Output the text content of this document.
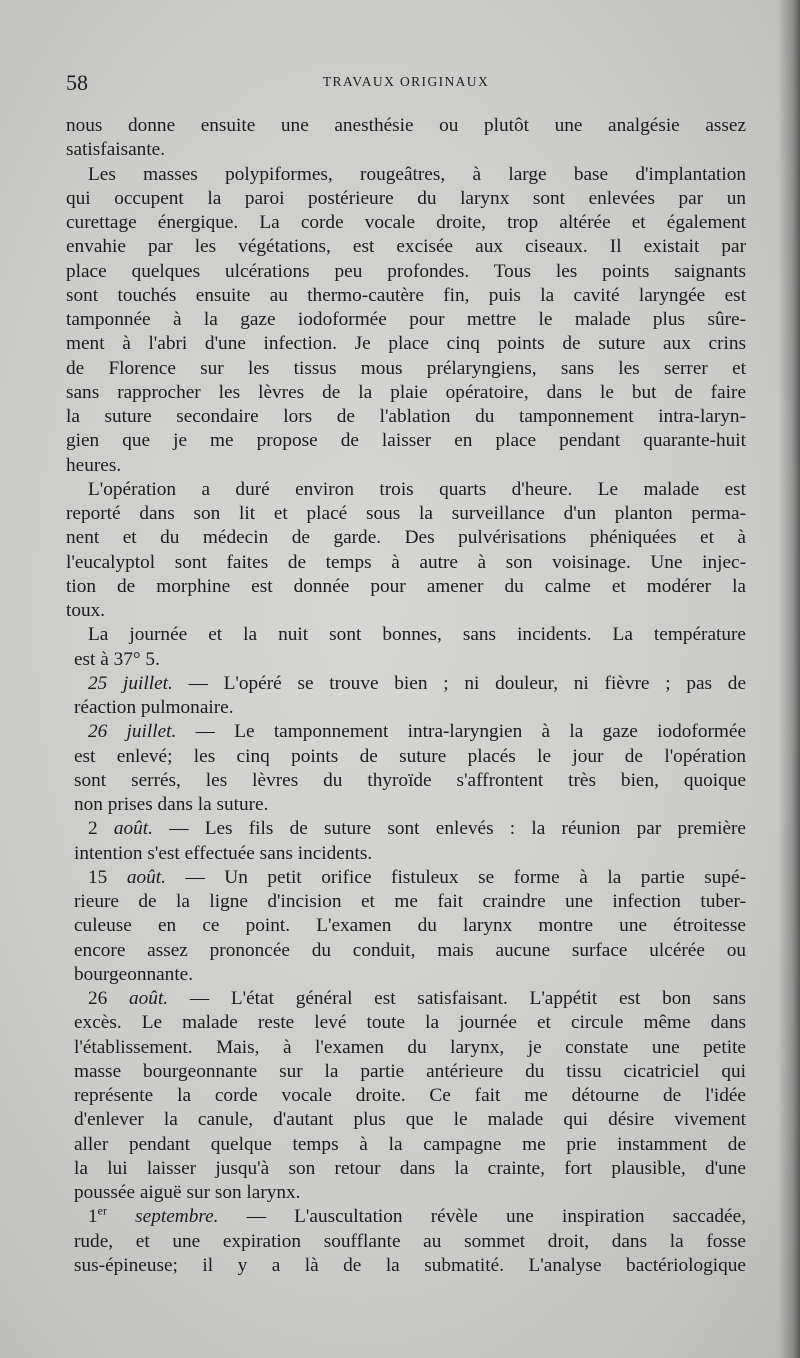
58	TRAVAUX ORIGINAUX
nous donne ensuite une anesthésie ou plutôt une analgésie assez
satisfaisante.
Les masses polypiformes, rougeâtres, à large base d'implantation
qui occupent la paroi postérieure du larynx sont enlevées par un
curettage énergique. La corde vocale droite, trop altérée et également
envahie par les végétations, est excisée aux ciseaux. Il existait par
place quelques ulcérations peu profondes. Tous les points saignants
sont touchés ensuite au thermo-cautère fin, puis la cavité laryngée est
tamponnée à la gaze iodoformée pour mettre le malade plus sûre-
ment à l'abri d'une infection. Je place cinq points de suture aux crins
de Florence sur les tissus mous prélaryngiens, sans les serrer et
sans rapprocher les lèvres de la plaie opératoire, dans le but de faire
la suture secondaire lors de l'ablation du tamponnement intra-laryn-
gien que je me propose de laisser en place pendant quarante-huit
heures.
L'opération a duré environ trois quarts d'heure. Le malade est
reporté dans son lit et placé sous la surveillance d'un planton perma-
nent et du médecin de garde. Des pulvérisations phéniquées et à
l'eucalyptol sont faites de temps à autre à son voisinage. Une injec-
tion de morphine est donnée pour amener du calme et modérer la
toux.
La journée et la nuit sont bonnes, sans incidents. La température
est à 37° 5.
25 juillet. — L'opéré se trouve bien ; ni douleur, ni fièvre ; pas de
réaction pulmonaire.
26 juillet. — Le tamponnement intra-laryngien à la gaze iodoformée
est enlevé; les cinq points de suture placés le jour de l'opération
sont serrés, les lèvres du thyroïde s'affrontent très bien, quoique
non prises dans la suture.
2 août. — Les fils de suture sont enlevés : la réunion par première
intention s'est effectuée sans incidents.
15 août. — Un petit orifice fistuleux se forme à la partie supé-
rieure de la ligne d'incision et me fait craindre une infection tuber-
culeuse en ce point. L'examen du larynx montre une étroitesse
encore assez prononcée du conduit, mais aucune surface ulcérée ou
bourgeonnante.
26 août. — L'état général est satisfaisant. L'appétit est bon sans
excès. Le malade reste levé toute la journée et circule même dans
l'établissement. Mais, à l'examen du larynx, je constate une petite
masse bourgeonnante sur la partie antérieure du tissu cicatriciel qui
représente la corde vocale droite. Ce fait me détourne de l'idée
d'enlever la canule, d'autant plus que le malade qui désire vivement
aller pendant quelque temps à la campagne me prie instamment de
la lui laisser jusqu'à son retour dans la crainte, fort plausible, d'une
poussée aiguë sur son larynx.
1er septembre. — L'auscultation révèle une inspiration saccadée,
rude, et une expiration soufflante au sommet droit, dans la fosse
sus-épineuse; il y a là de la submatité. L'analyse bactériologique
